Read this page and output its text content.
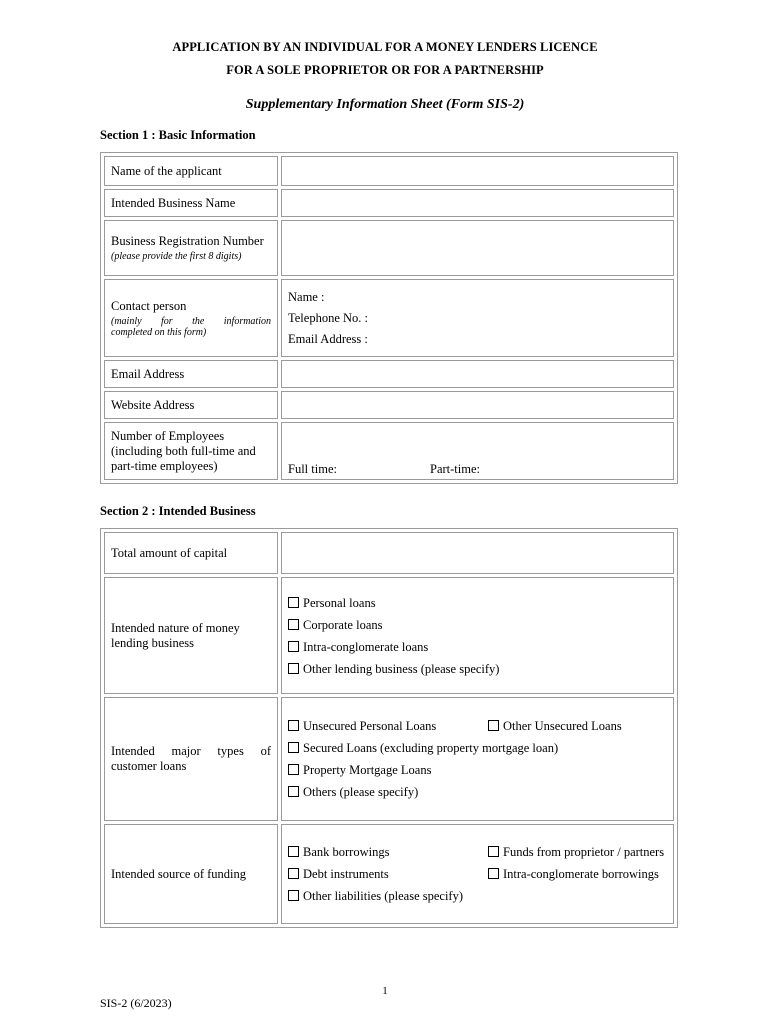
APPLICATION BY AN INDIVIDUAL FOR A MONEY LENDERS LICENCE
FOR A SOLE PROPRIETOR OR FOR A PARTNERSHIP
Supplementary Information Sheet (Form SIS-2)
Section 1 : Basic Information
Name of the applicant	
Intended Business Name	
Business Registration Number
(please provide the first 8 digits)	

Contact person
(mainly for the information
completed on this form)	Name :
Telephone No. :
Email Address :

Email Address	
Website Address	

Number of Employees
(including both full-time and
part-time employees)	Full time: Part-time:
Section 2 : Intended Business
Total amount of capital	

Intended nature of money
lending business	Personal loans
Corporate loans
Intra-conglomerate loans
Other lending business (please specify)

Intended major types of
customer loans	Unsecured Personal Loans Other Unsecured Loans
Secured Loans (excluding property mortgage loan)
Property Mortgage Loans
Others (please specify)

Intended source of funding	Bank borrowings Funds from proprietor / partners
Debt instruments Intra-conglomerate borrowings
Other liabilities (please specify)
1
SIS-2 (6/2023)
